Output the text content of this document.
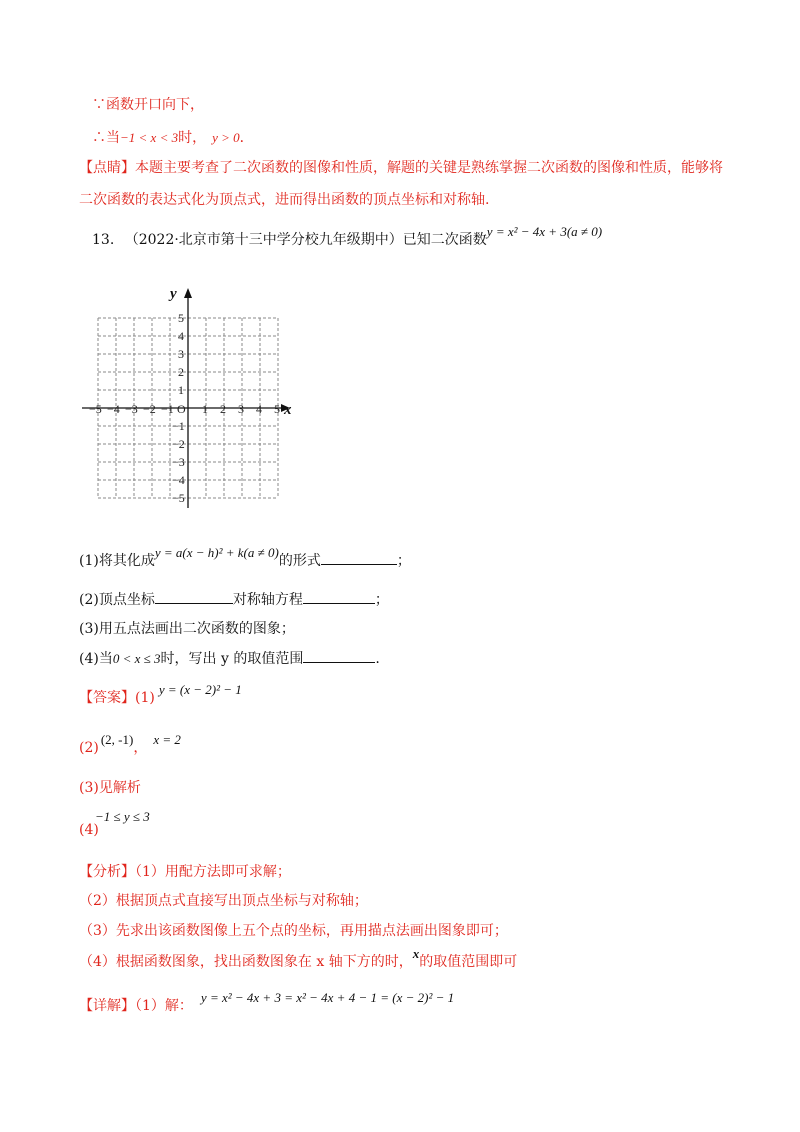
∵函数开口向下，
∴当−1 < x < 3时， y > 0．
【点睛】本题主要考查了二次函数的图像和性质，解题的关键是熟练掌握二次函数的图像和性质，能够将
二次函数的表达式化为顶点式，进而得出函数的顶点坐标和对称轴.
13. （2022·北京市第十三中学分校九年级期中）已知二次函数y = x² − 4x + 3(a ≠ 0)
x
y
O
−5 −4 −3 −2 −1 1 2 3 4 5
5
4
3
2
1
−1
−2
−3
−4
−5
(1)将其化成y = a(x − h)² + k(a ≠ 0)的形式	；
(2)顶点坐标	对称轴方程	；
(3)用五点法画出二次函数的图象；
(4)当0 < x ≤ 3时，写出 y 的取值范围	.
【答案】(1)y = (x − 2)² − 1
(2)(2, -1)，x = 2
(3)见解析
−1 ≤ y ≤ 3
(4)
【分析】（1）用配方法即可求解；
（2）根据顶点式直接写出顶点坐标与对称轴；
（3）先求出该函数图像上五个点的坐标，再用描点法画出图象即可；
（4）根据函数图象，找出函数图象在 x 轴下方的时，x的取值范围即可
【详解】（1）解：y = x² − 4x + 3 = x² − 4x + 4 − 1 = (x − 2)² − 1
